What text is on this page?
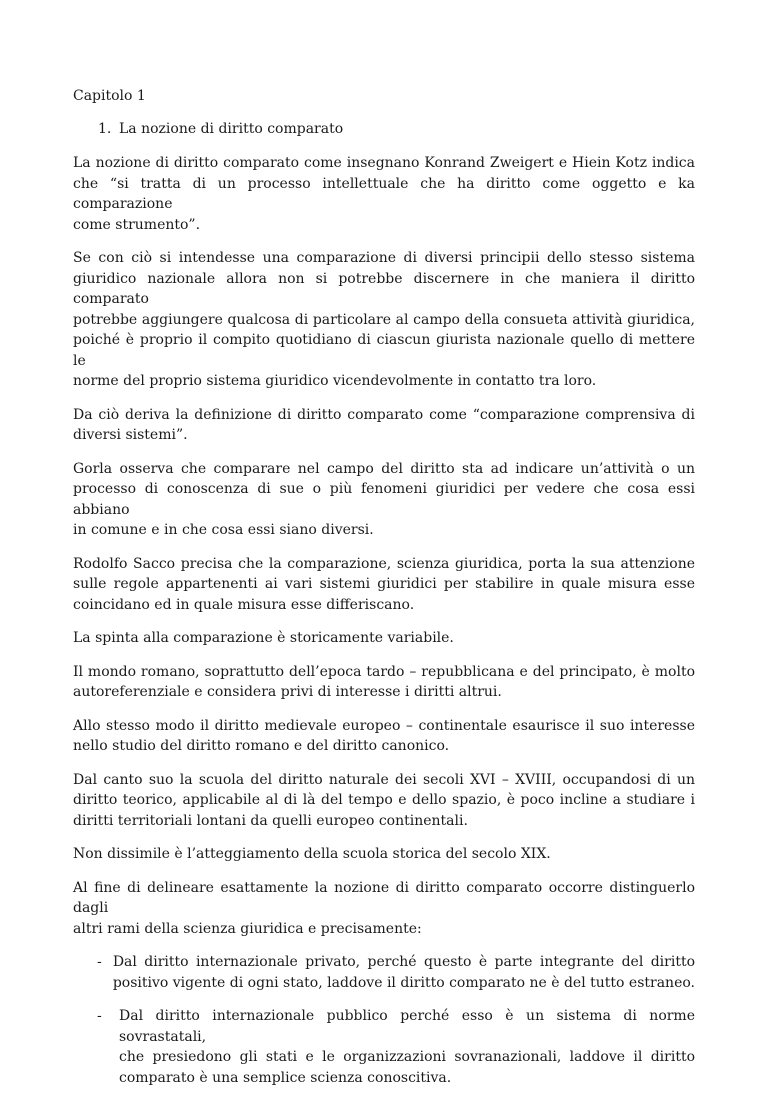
Capitolo 1
1. La nozione di diritto comparato
La nozione di diritto comparato come insegnano Konrand Zweigert e Hiein Kotz indica
che “si tratta di un processo intellettuale che ha diritto come oggetto e ka comparazione
come strumento”.
Se con ciò si intendesse una comparazione di diversi principii dello stesso sistema
giuridico nazionale allora non si potrebbe discernere in che maniera il diritto comparato
potrebbe aggiungere qualcosa di particolare al campo della consueta attività giuridica,
poiché è proprio il compito quotidiano di ciascun giurista nazionale quello di mettere le
norme del proprio sistema giuridico vicendevolmente in contatto tra loro.
Da ciò deriva la definizione di diritto comparato come “comparazione comprensiva di
diversi sistemi”.
Gorla osserva che comparare nel campo del diritto sta ad indicare un’attività o un
processo di conoscenza di sue o più fenomeni giuridici per vedere che cosa essi abbiano
in comune e in che cosa essi siano diversi.
Rodolfo Sacco precisa che la comparazione, scienza giuridica, porta la sua attenzione
sulle regole appartenenti ai vari sistemi giuridici per stabilire in quale misura esse
coincidano ed in quale misura esse differiscano.
La spinta alla comparazione è storicamente variabile.
Il mondo romano, soprattutto dell’epoca tardo – repubblicana e del principato, è molto
autoreferenziale e considera privi di interesse i diritti altrui.
Allo stesso modo il diritto medievale europeo – continentale esaurisce il suo interesse
nello studio del diritto romano e del diritto canonico.
Dal canto suo la scuola del diritto naturale dei secoli XVI – XVIII, occupandosi di un
diritto teorico, applicabile al di là del tempo e dello spazio, è poco incline a studiare i
diritti territoriali lontani da quelli europeo continentali.
Non dissimile è l’atteggiamento della scuola storica del secolo XIX.
Al fine di delineare esattamente la nozione di diritto comparato occorre distinguerlo dagli
altri rami della scienza giuridica e precisamente:
- Dal diritto internazionale privato, perché questo è parte integrante del diritto
positivo vigente di ogni stato, laddove il diritto comparato ne è del tutto estraneo.
-	Dal diritto internazionale pubblico perché esso è un sistema di norme sovrastatali,
che presiedono gli stati e le organizzazioni sovranazionali, laddove il diritto
comparato è una semplice scienza conoscitiva.
